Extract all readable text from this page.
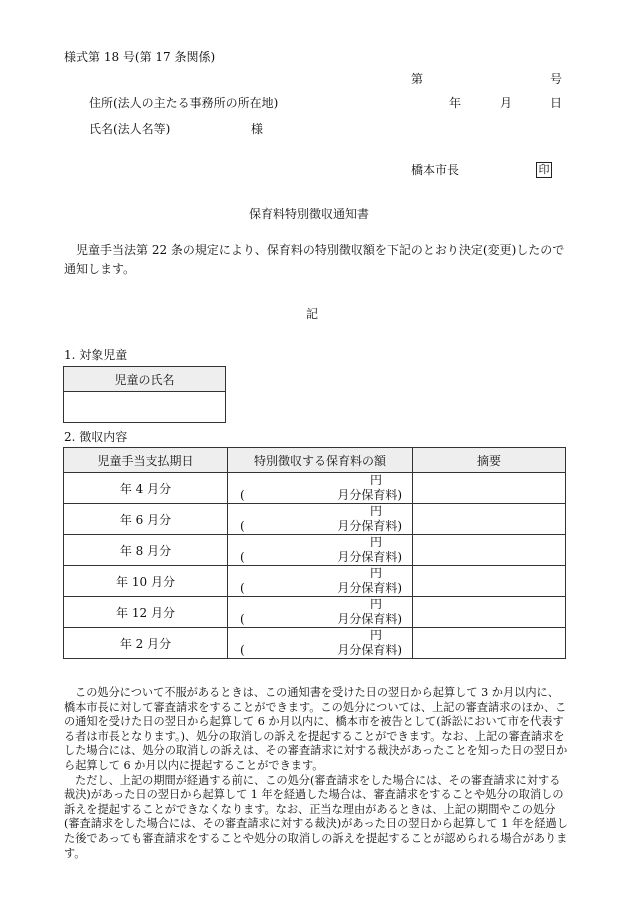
様式第 18 号(第 17 条関係)
第	号
住所(法人の主たる事務所の所在地)	年	月	日
氏名(法人名等)	様
橋本市長	印
保育料特別徴収通知書
児童手当法第 22 条の規定により、保育料の特別徴収額を下記のとおり決定(変更)したので通知します。
記
1. 対象児童
児童の氏名

2. 徴収内容
児童手当支払期日	特別徴収する保育料の額	摘要
年 4 月分	円
( 月分保育料)	

年 6 月分	円
( 月分保育料)	

年 8 月分	円
( 月分保育料)	

年 10 月分	円
( 月分保育料)	

年 12 月分	円
( 月分保育料)	

年 2 月分	円
( 月分保育料)	

この処分について不服があるときは、この通知書を受けた日の翌日から起算して 3 か月以内に、橋本市長に対して審査請求をすることができます。この処分については、上記の審査請求のほか、この通知を受けた日の翌日から起算して 6 か月以内に、橋本市を被告として(訴訟において市を代表する者は市長となります。)、処分の取消しの訴えを提起することができます。なお、上記の審査請求をした場合には、処分の取消しの訴えは、その審査請求に対する裁決があったことを知った日の翌日から起算して 6 か月以内に提起することができます。

ただし、上記の期間が経過する前に、この処分(審査請求をした場合には、その審査請求に対する裁決)があった日の翌日から起算して 1 年を経過した場合は、審査請求をすることや処分の取消しの訴えを提起することができなくなります。なお、正当な理由があるときは、上記の期間やこの処分(審査請求をした場合には、その審査請求に対する裁決)があった日の翌日から起算して 1 年を経過した後であっても審査請求をすることや処分の取消しの訴えを提起することが認められる場合があります。
